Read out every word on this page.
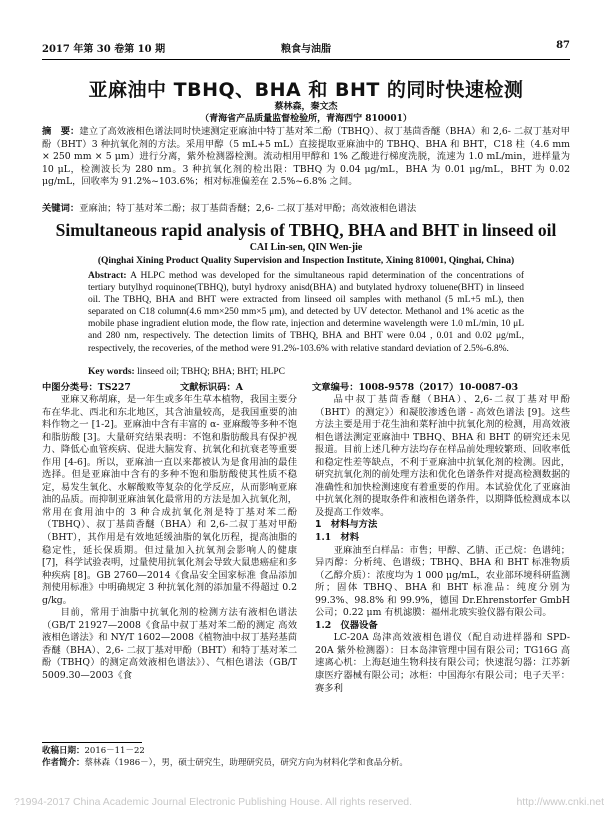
2017 年第 30 卷第 10 期	粮食与油脂	87
亚麻油中 TBHQ、BHA 和 BHT 的同时快速检测
蔡林森，秦文杰
（青海省产品质量监督检验所，青海西宁 810001）
摘　要：建立了高效液相色谱法同时快速测定亚麻油中特丁基对苯二酚（TBHQ）、叔丁基茴香醚（BHA）和 2,6- 二叔丁基对甲酚（BHT）3 种抗氧化剂的方法。采用甲醇（5 mL+5 mL）直接提取亚麻油中的 TBHQ、BHA 和 BHT，C18 柱（4.6 mm × 250 mm × 5 μm）进行分离，紫外检测器检测。流动相用甲醇和 1% 乙酸进行梯度洗脱，流速为 1.0 mL/min，进样量为 10 μL，检测波长为 280 nm。3 种抗氧化剂的检出限：TBHQ 为 0.04 μg/mL，BHA 为 0.01 μg/mL，BHT 为 0.02 μg/mL，回收率为 91.2%~103.6%；相对标准偏差在 2.5%~6.8% 之间。
关键词：亚麻油；特丁基对苯二酚；叔丁基茴香醚；2,6- 二叔丁基对甲酚；高效液相色谱法
Simultaneous rapid analysis of TBHQ, BHA and BHT in linseed oil
CAI Lin-sen, QIN Wen-jie
(Qinghai Xining Product Quality Supervision and Inspection Institute, Xining 810001, Qinghai, China)
Abstract: A HLPC method was developed for the simultaneous rapid determination of the concentrations of tertiary butylhyd roquinone(TBHQ), butyl hydroxy anisd(BHA) and butylated hydroxy toluene(BHT) in linseed oil. The TBHQ, BHA and BHT were extracted from linseed oil samples with methanol (5 mL+5 mL), then separated on C18 column(4.6 mm×250 mm×5 μm), and detected by UV detector. Methanol and 1% acetic as the mobile phase ingradient elution mode, the flow rate, injection and determine wavelength were 1.0 mL/min, 10 μL and 280 nm, respectively. The detection limits of TBHQ, BHA and BHT were 0.04 , 0.01 and 0.02 μg/mL, respectively, the recoveries, of the method were 91.2%-103.6% with relative standard deviation of 2.5%-6.8%.
Key words: linseed oil; TBHQ; BHA; BHT; HLPC
中图分类号：TS227	文献标识码：A	文章编号：1008-9578（2017）10-0087-03

亚麻又称胡麻，是一年生或多年生草本植物，我国主要分布在华北、西北和东北地区，其含油量较高，是我国重要的油料作物之一 [1-2]。亚麻油中含有丰富的 α- 亚麻酸等多种不饱和脂肪酸 [3]。大量研究结果表明：不饱和脂肪酸具有保护视力、降低心血管疾病、促进大脑发育、抗氧化和抗衰老等重要作用 [4-6]。所以，亚麻油一直以来都被认为是食用油的最佳选择。但是亚麻油中含有的多种不饱和脂肪酸使其性质不稳定，易发生氧化、水解酸败等复杂的化学反应，从而影响亚麻油的品质。而抑制亚麻油氧化最常用的方法是加入抗氧化剂，常用在食用油中的 3 种合成抗氧化剂是特丁基对苯二酚（TBHQ）、叔丁基茴香醚（BHA）和 2,6-二叔丁基对甲酚（BHT），其作用是有效地延缓油脂的氧化历程，提高油脂的稳定性，延长保质期。但过量加入抗氧剂会影响人的健康 [7]，科学试验表明，过量使用抗氧化剂会导致大鼠患癌症和多种疾病 [8]。GB 2760—2014《食品安全国家标准 食品添加剂使用标准》中明确规定 3 种抗氧化剂的添加量不得超过 0.2 g/kg。

目前，常用于油脂中抗氧化剂的检测方法有液相色谱法（GB/T 21927—2008《食品中叔丁基对苯二酚的测定 高效液相色谱法》和 NY/T 1602—2008《植物油中叔丁基羟基茴香醚（BHA）、2,6- 二叔丁基对甲酚（BHT）和特丁基对苯二酚（TBHQ）的测定高效液相色谱法》）、气相色谱法（GB/T 5009.30—2003《食

品中叔丁基茴香醚（BHA）、2,6-二叔丁基对甲酚（BHT）的测定》）和凝胶渗透色谱 - 高效色谱法 [9]。这些方法主要是用于花生油和菜籽油中抗氧化剂的检测，用高效液相色谱法测定亚麻油中 TBHQ、BHA 和 BHT 的研究还未见报道。目前上述几种方法均存在样品前处理较繁琐、回收率低和稳定性差等缺点，不利于亚麻油中抗氧化剂的检测。因此，研究抗氧化剂的前处理方法和优化色谱条件对提高检测数据的准确性和加快检测速度有着重要的作用。本试验优化了亚麻油中抗氧化剂的提取条件和液相色谱条件，以期降低检测成本以及提高工作效率。

1　材料与方法

1.1　材料

亚麻油至白样品：市售；甲醇、乙腈、正己烷：色谱纯；异丙醇：分析纯、色谱级；TBHQ、BHA 和 BHT 标准物质（乙醇介质）：浓度均为 1 000 μg/mL，农业部环境科研监测所；固体 TBHQ、BHA 和 BHT 标准品：纯度分别为 99.3%、98.8% 和 99.9%，德国 Dr.Ehrenstorfer GmbH 公司；0.22 μm 有机滤膜：福州北玻实验仪器有限公司。

1.2　仪器设备

LC-20A 岛津高效液相色谱仪（配自动进样器和 SPD-20A 紫外检测器）：日本岛津管理中国有限公司；TG16G 高速离心机：上海赵迪生物科技有限公司；快速混匀器：江苏新康医疗器械有限公司；冰柜：中国海尔有限公司；电子天平：赛多利

收稿日期：2016－11－22
作者简介：蔡林森（1986－），男，硕士研究生，助理研究员，研究方向为材料化学和食品分析。
?1994-2017 China Academic Journal Electronic Publishing House. All rights reserved.	http://www.cnki.net
